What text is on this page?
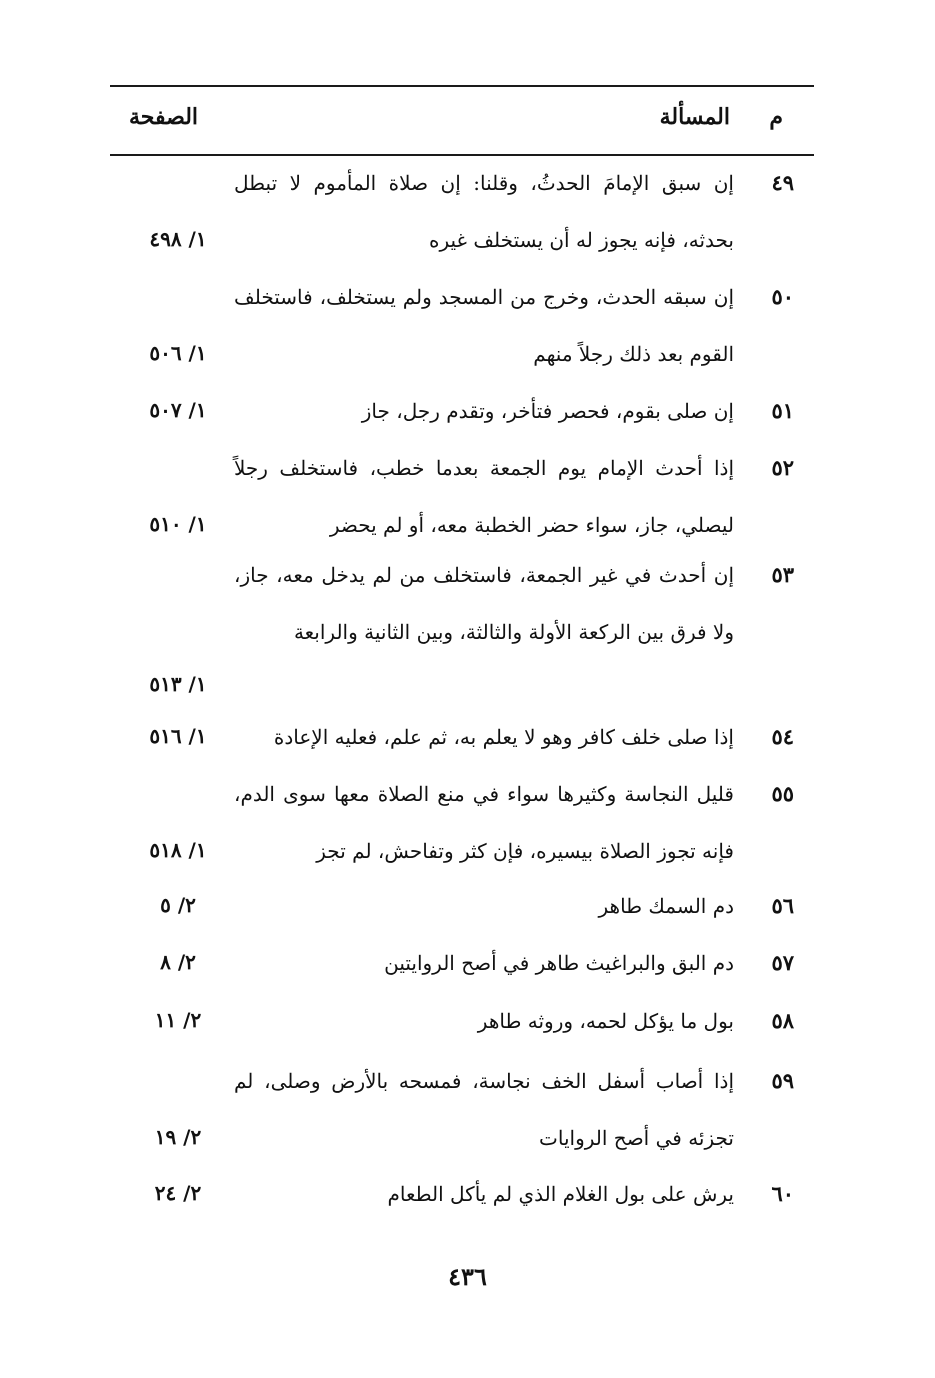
م
المسألة
الصفحة
٤٩
إن سبق الإمامَ الحدثُ، وقلنا: إن صلاة المأموم لا تبطل بحدثه، فإنه يجوز له أن يستخلف غيره
١/ ٤٩٨
٥٠
إن سبقه الحدث، وخرج من المسجد ولم يستخلف، فاستخلف القوم بعد ذلك رجلاً منهم
١/ ٥٠٦
٥١
إن صلى بقوم، فحصر فتأخر، وتقدم رجل، جاز
١/ ٥٠٧
٥٢
إذا أحدث الإمام يوم الجمعة بعدما خطب، فاستخلف رجلاً ليصلي، جاز، سواء حضر الخطبة معه، أو لم يحضر
١/ ٥١٠
٥٣
إن أحدث في غير الجمعة، فاستخلف من لم يدخل معه، جاز، ولا فرق بين الركعة الأولة والثالثة، وبين الثانية والرابعة
١/ ٥١٣
٥٤
إذا صلى خلف كافر وهو لا يعلم به، ثم علم، فعليه الإعادة
١/ ٥١٦
٥٥
قليل النجاسة وكثيرها سواء في منع الصلاة معها سوى الدم، فإنه تجوز الصلاة بيسيره، فإن كثر وتفاحش، لم تجز
١/ ٥١٨
٥٦
دم السمك طاهر
٢/ ٥
٥٧
دم البق والبراغيث طاهر في أصح الروايتين
٢/ ٨
٥٨
بول ما يؤكل لحمه، وروثه طاهر
٢/ ١١
٥٩
إذا أصاب أسفل الخف نجاسة، فمسحه بالأرض وصلى، لم تجزئه في أصح الروايات
٢/ ١٩
٦٠
يرش على بول الغلام الذي لم يأكل الطعام
٢/ ٢٤
٤٣٦
